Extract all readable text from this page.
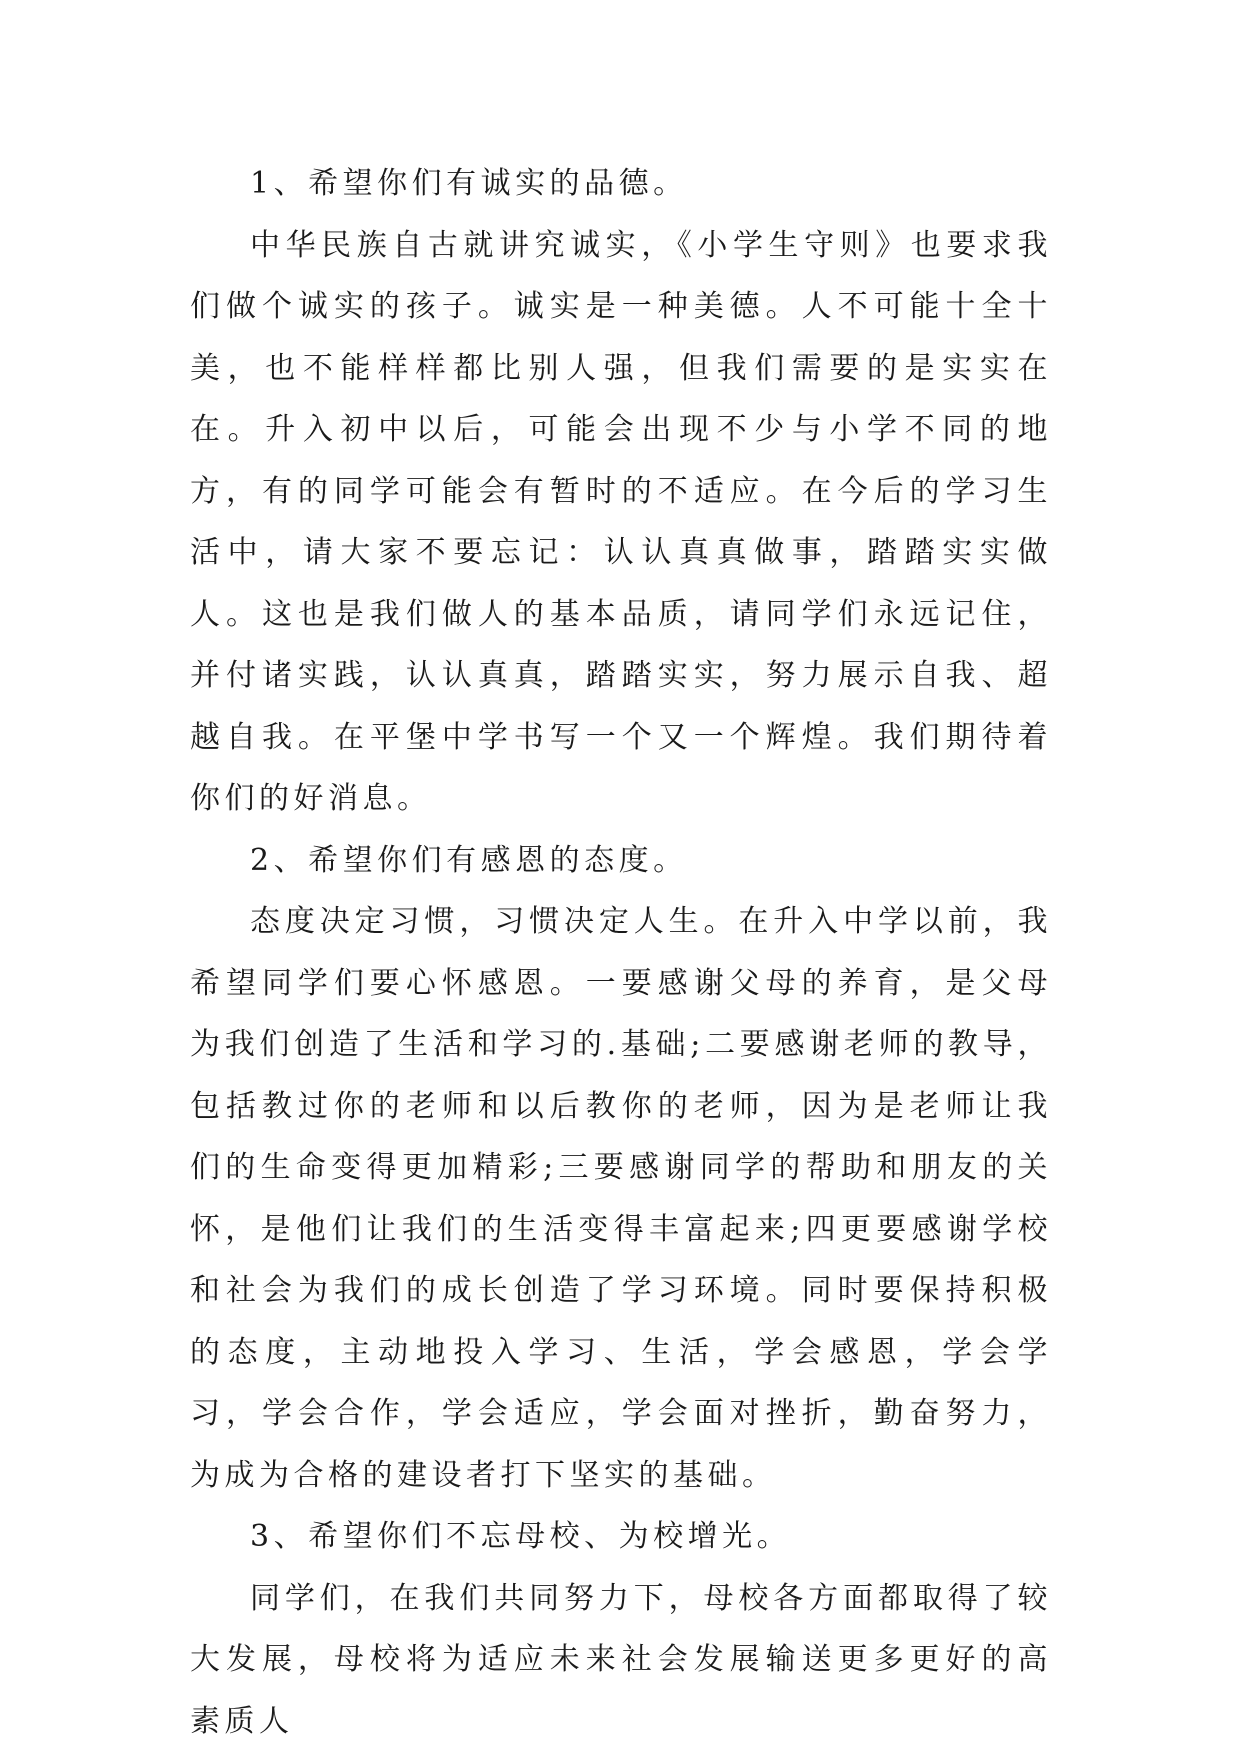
1、希望你们有诚实的品德。

中华民族自古就讲究诚实，《小学生守则》也要求我们做个诚实的孩子。诚实是一种美德。人不可能十全十美，也不能样样都比别人强，但我们需要的是实实在在。升入初中以后，可能会出现不少与小学不同的地方，有的同学可能会有暂时的不适应。在今后的学习生活中，请大家不要忘记：认认真真做事，踏踏实实做人。这也是我们做人的基本品质，请同学们永远记住，并付诸实践，认认真真，踏踏实实，努力展示自我、超越自我。在平堡中学书写一个又一个辉煌。我们期待着你们的好消息。

2、希望你们有感恩的态度。

态度决定习惯，习惯决定人生。在升入中学以前，我希望同学们要心怀感恩。一要感谢父母的养育，是父母为我们创造了生活和学习的.基础;二要感谢老师的教导，包括教过你的老师和以后教你的老师，因为是老师让我们的生命变得更加精彩;三要感谢同学的帮助和朋友的关怀，是他们让我们的生活变得丰富起来;四更要感谢学校和社会为我们的成长创造了学习环境。同时要保持积极的态度，主动地投入学习、生活，学会感恩，学会学习，学会合作，学会适应，学会面对挫折，勤奋努力，为成为合格的建设者打下坚实的基础。

3、希望你们不忘母校、为校增光。

同学们，在我们共同努力下，母校各方面都取得了较大发展，母校将为适应未来社会发展输送更多更好的高素质人
